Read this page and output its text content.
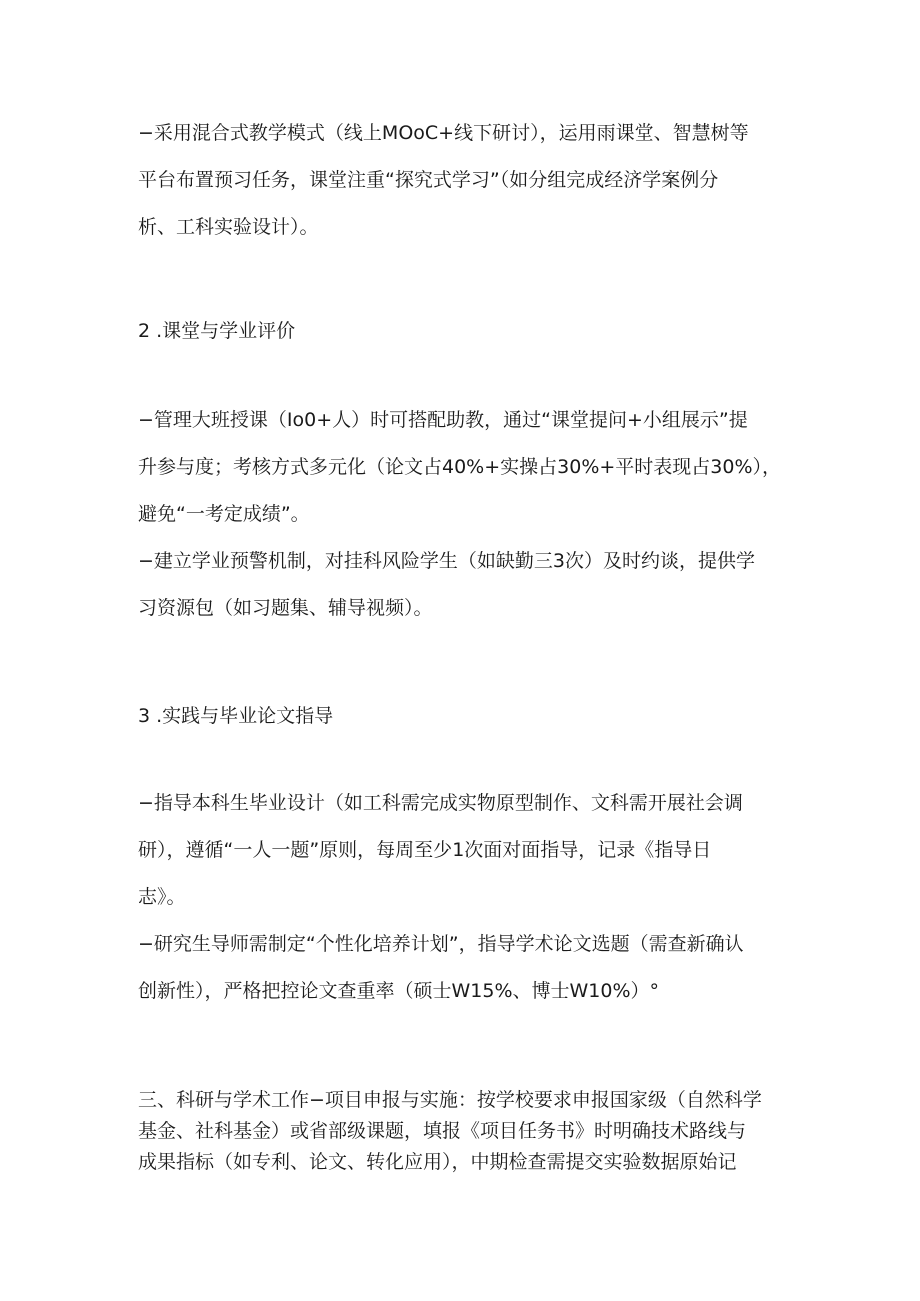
−采用混合式教学模式（线上MOoC+线下研讨），运用雨课堂、智慧树等
平台布置预习任务，课堂注重“探究式学习”（如分组完成经济学案例分
析、工科实验设计）。

2 .课堂与学业评价

−管理大班授课（Io0+人）时可搭配助教，通过“课堂提问+小组展示”提
升参与度；考核方式多元化（论文占40%+实操占30%+平时表现占30%），
避免“一考定成绩”。
−建立学业预警机制，对挂科风险学生（如缺勤三3次）及时约谈，提供学
习资源包（如习题集、辅导视频）。

3 .实践与毕业论文指导

−指导本科生毕业设计（如工科需完成实物原型制作、文科需开展社会调
研），遵循“一人一题”原则，每周至少1次面对面指导，记录《指导日
志》。
−研究生导师需制定“个性化培养计划”，指导学术论文选题（需查新确认
创新性），严格把控论文查重率（硕士W15%、博士W10%）°

三、科研与学术工作−项目申报与实施：按学校要求申报国家级（自然科学
基金、社科基金）或省部级课题，填报《项目任务书》时明确技术路线与
成果指标（如专利、论文、转化应用），中期检查需提交实验数据原始记
